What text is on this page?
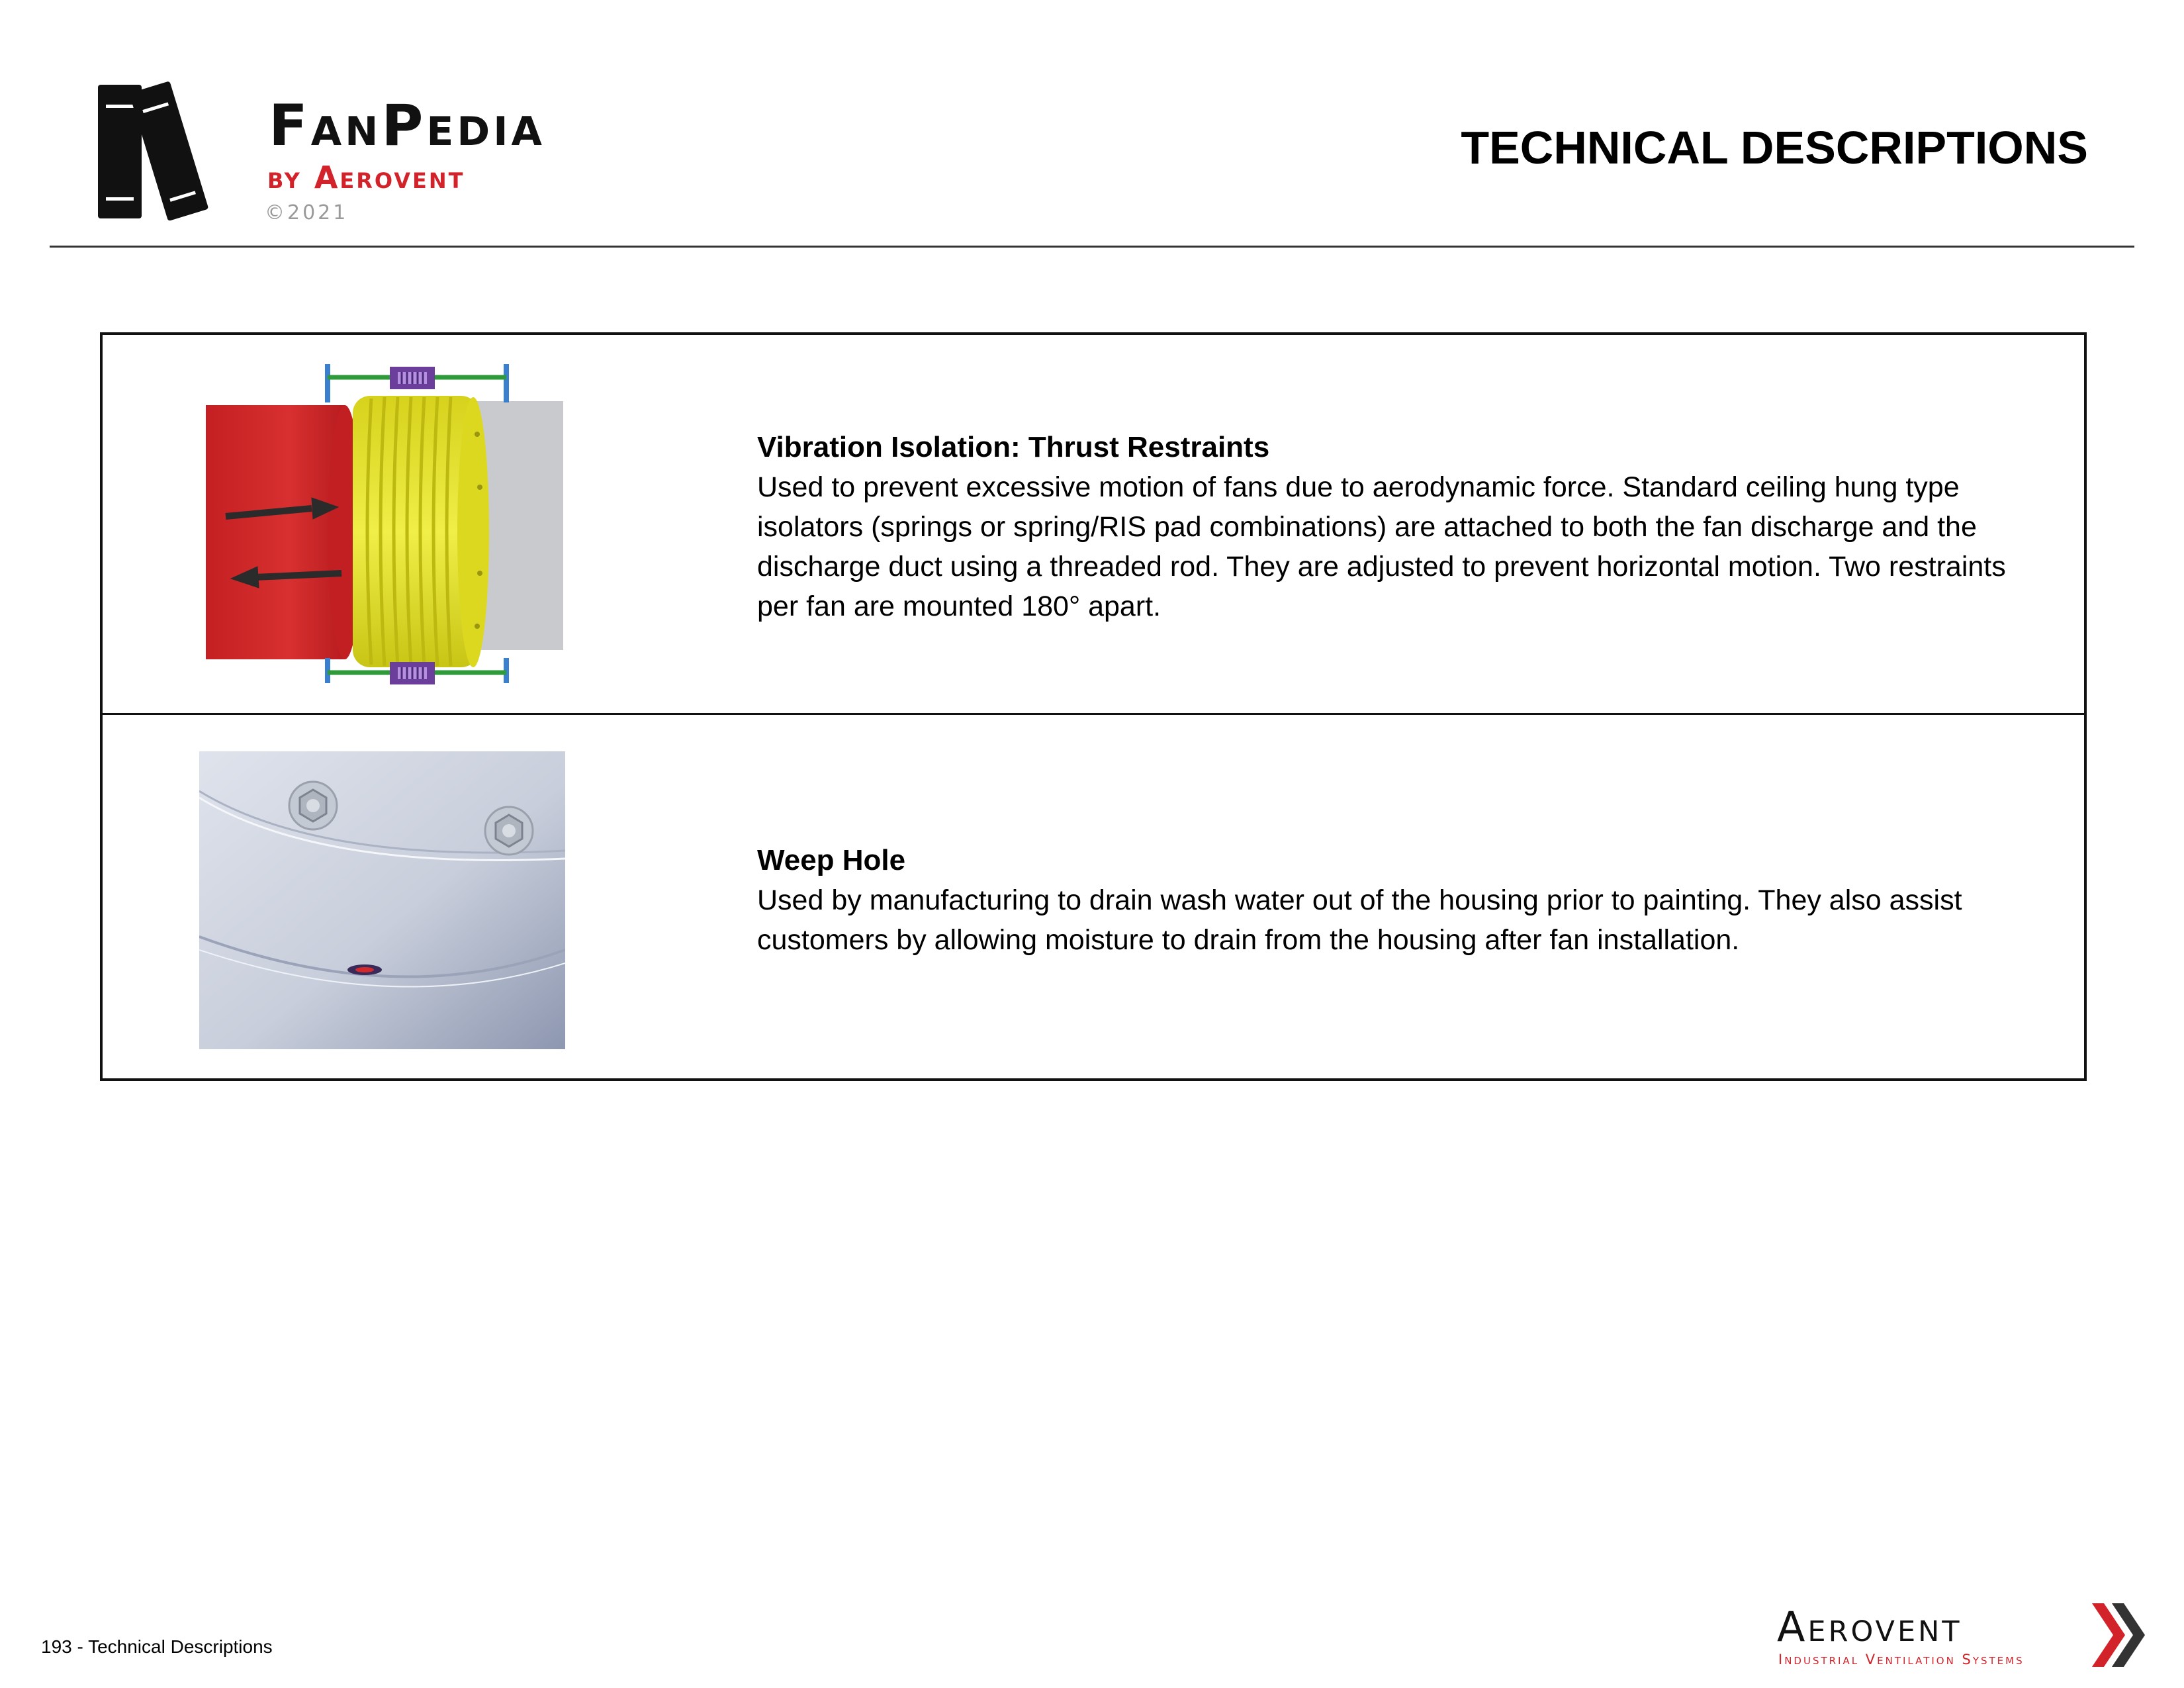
FanPedia
by Aerovent
©2021
TECHNICAL DESCRIPTIONS

Vibration Isolation: Thrust Restraints

Used to prevent excessive motion of fans due to aerodynamic force. Standard ceiling hung type isolators (springs or spring/RIS pad combinations) are attached to both the fan discharge and the discharge duct using a threaded rod. They are adjusted to prevent horizontal motion. Two restraints per fan are mounted 180° apart.

Weep Hole

Used by manufacturing to drain wash water out of the housing prior to painting. They also assist customers by allowing moisture to drain from the housing after fan installation.

193 - Technical Descriptions	Aerovent
Industrial Ventilation Systems
